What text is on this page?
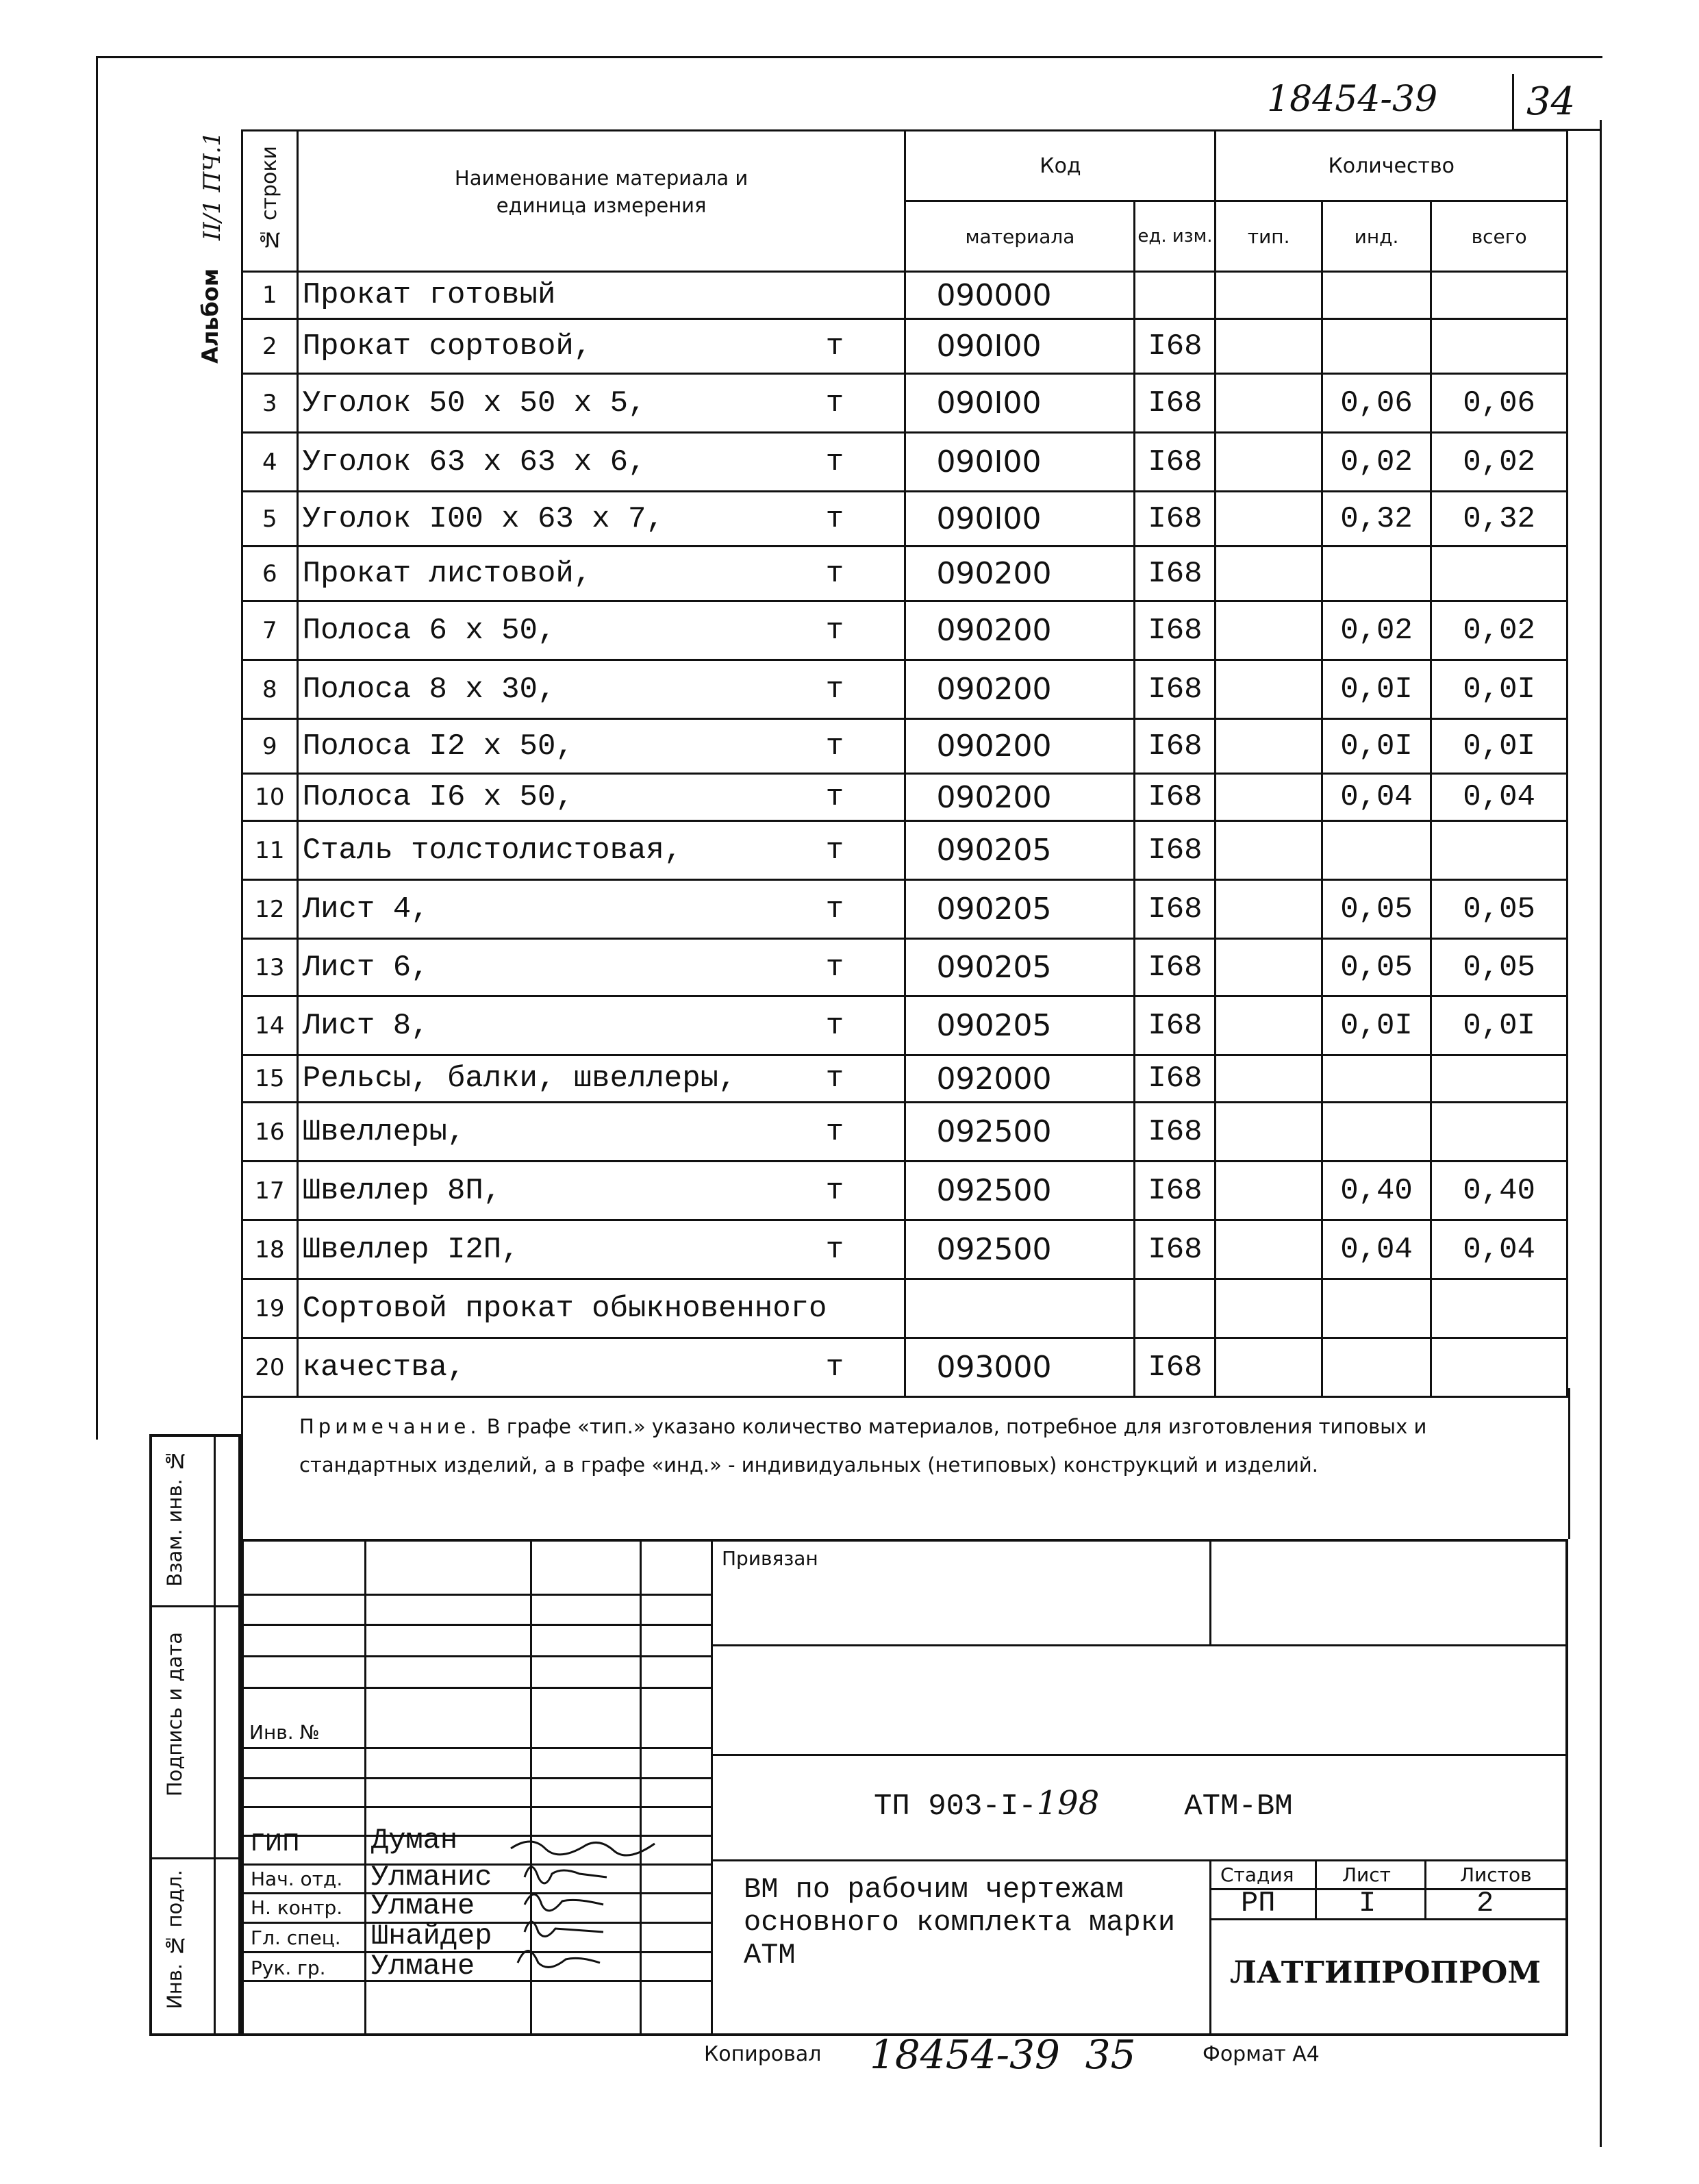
18454-39 34
Альбом
II/1 ПЧ.1 № строки	Наименование материала и единица измерения	Код		Количество		
		материала	ед. изм.	тип.	инд.	всего
1	Прокат готовый	090000				
2	Прокат сортовой, т	090I00	I68			
3	Уголок 50 x 50 x 5, т	090I00	I68		0,06	0,06
4	Уголок 63 x 63 x 6, т	090I00	I68		0,02	0,02
5	Уголок I00 x 63 x 7, т	090I00	I68		0,32	0,32
6	Прокат листовой, т	090200	I68			
7	Полоса 6 x 50, т	090200	I68		0,02	0,02
8	Полоса 8 x 30, т	090200	I68		0,0I	0,0I
9	Полоса I2 x 50, т	090200	I68		0,0I	0,0I
10	Полоса I6 x 50, т	090200	I68		0,04	0,04
11	Сталь толстолистовая, т	090205	I68			
12	Лист 4, т	090205	I68		0,05	0,05
13	Лист 6, т	090205	I68		0,05	0,05
14	Лист 8, т	090205	I68		0,0I	0,0I
15	Рельсы, балки, швеллеры, т	092000	I68			
16	Швеллеры, т	092500	I68			
17	Швеллер 8П, т	092500	I68		0,40	0,40
18	Швеллер I2П, т	092500	I68		0,04	0,04
19	Сортовой прокат обыкновенного

20	качества, т	093000	I68			
Примечание. В графе «тип.» указано количество материалов, потребное для изготовления типовых и стандартных изделий, а в графе «инд.» - индивидуальных (нетиповых) конструкций и изделий.
Взам. инв. №
Подпись и дата
Инв. № подл.
Привязан
Инв. №
ТП 903-I-198	АТМ-ВМ
ВМ по рабочим чертежам основного комплекта марки АТМ
Стадия	Лист	Листов
РП	I	2
ЛАТГИПРОПРОМ
ГИП Думан
Нач. отд. Улманис
Н. контр. Улмане
Гл. спец. Шнайдер
Рук. гр. Улмане
Копировал 18454-39  35	Формат А4
